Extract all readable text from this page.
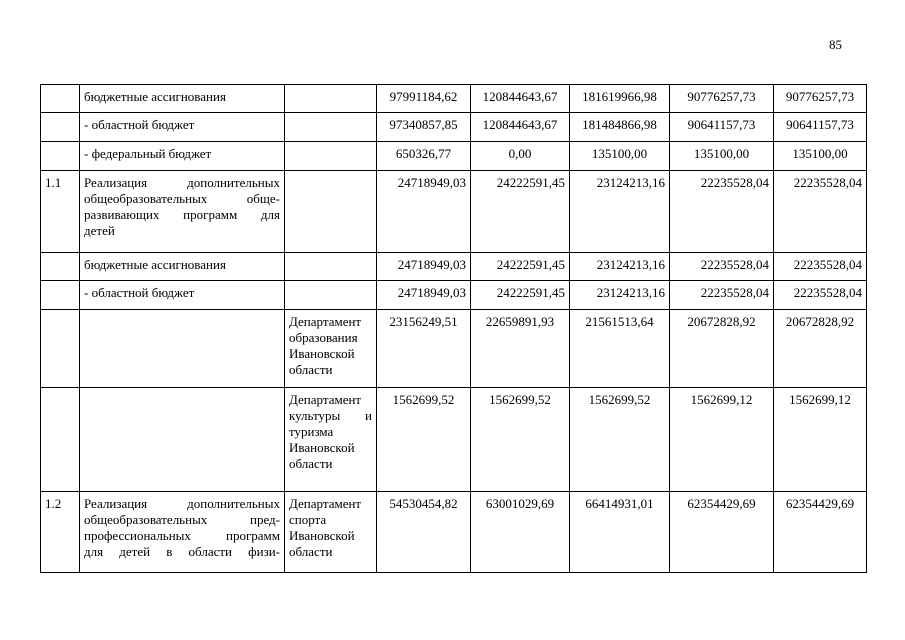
85

	бюджетные ассигнования		97991184,62	120844643,67	181619966,98	90776257,73	90776257,73

	- областной бюджет		97340857,85	120844643,67	181484866,98	90641157,73	90641157,73

	- федеральный бюджет		650326,77	0,00	135100,00	135100,00	135100,00
1.1	Реализация дополнительных
общеобразовательных обще-
развивающих программ для
детей		24718949,03	24222591,45	23124213,16	22235528,04	22235528,04

	бюджетные ассигнования		24718949,03	24222591,45	23124213,16	22235528,04	22235528,04

	- областной бюджет		24718949,03	24222591,45	23124213,16	22235528,04	22235528,04

		Департамент
образования
Ивановской
области	23156249,51	22659891,93	21561513,64	20672828,92	20672828,92

		Департамент
культуры и
туризма
Ивановской
области	1562699,52	1562699,52	1562699,52	1562699,12	1562699,12
1.2	Реализация дополнительных
общеобразовательных пред-
профессиональных программ
для детей в области физи-	Департамент
спорта
Ивановской
области	54530454,82	63001029,69	66414931,01	62354429,69	62354429,69
